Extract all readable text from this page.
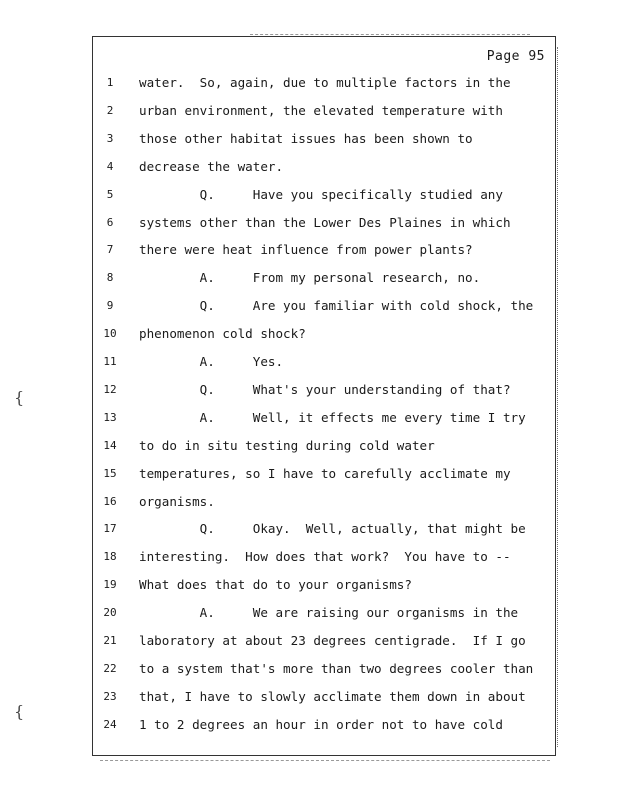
Page 95
1	water.  So, again, due to multiple factors in the
2	urban environment, the elevated temperature with
3	those other habitat issues has been shown to
4	decrease the water.
5	Q.     Have you specifically studied any
6	systems other than the Lower Des Plaines in which
7	there were heat influence from power plants?
8	A.     From my personal research, no.
9	Q.     Are you familiar with cold shock, the
10	phenomenon cold shock?
11	A.     Yes.
12	Q.     What's your understanding of that?
13	A.     Well, it effects me every time I try
14	to do in situ testing during cold water
15	temperatures, so I have to carefully acclimate my
16	organisms.
17	Q.     Okay.  Well, actually, that might be
18	interesting.  How does that work?  You have to --
19	What does that do to your organisms?
20	A.     We are raising our organisms in the
21	laboratory at about 23 degrees centigrade.  If I go
22	to a system that's more than two degrees cooler than
23	that, I have to slowly acclimate them down in about
24	1 to 2 degrees an hour in order not to have cold
{
{
